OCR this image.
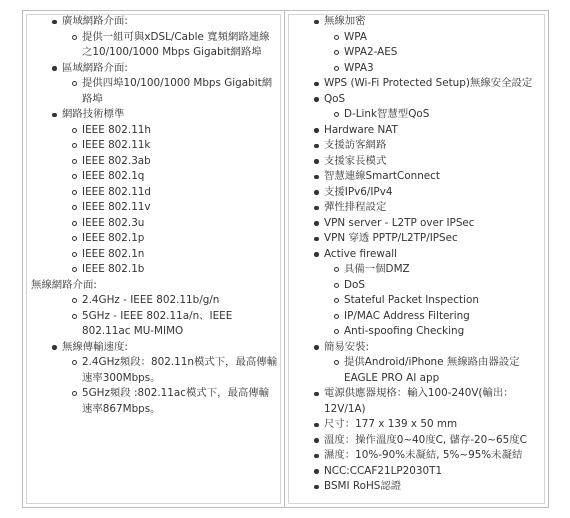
廣域網路介面:
提供一組可與xDSL/Cable 寬頻網路連線
之10/100/1000 Mbps Gigabit網路埠
區域網路介面:
提供四埠10/100/1000 Mbps Gigabit網
路埠
網路技術標準
IEEE 802.11h
IEEE 802.11k
IEEE 802.3ab
IEEE 802.1q
IEEE 802.11d
IEEE 802.11v
IEEE 802.3u
IEEE 802.1p
IEEE 802.1n
IEEE 802.1b
無線網路介面:
2.4GHz - IEEE 802.11b/g/n
5GHz - IEEE 802.11a/n、IEEE
802.11ac MU-MIMO
無線傳輸速度:
2.4GHz頻段：802.11n模式下，最高傳輸
速率300Mbps。
5GHz頻段 :802.11ac模式下，最高傳輸
速率867Mbps。
無線加密
WPA
WPA2-AES
WPA3
WPS (Wi-Fi Protected Setup)無線安全設定
QoS
D-Link智慧型QoS
Hardware NAT
支援訪客網路
支援家長模式
智慧連線SmartConnect
支援IPv6/IPv4
彈性排程設定
VPN server - L2TP over IPSec
VPN 穿透 PPTP/L2TP/IPSec
Active firewall
具備一個DMZ
DoS
Stateful Packet Inspection
IP/MAC Address Filtering
Anti-spoofing Checking
簡易安裝:
提供Android/iPhone 無線路由器設定
EAGLE PRO AI app
電源供應器規格：輸入100-240V(輸出：
12V/1A)
尺寸：177 x 139 x 50 mm
溫度：操作溫度0~40度C, 儲存-20~65度C
濕度：10%-90%未凝結, 5%~95%未凝結
NCC:CCAF21LP2030T1
BSMI RoHS認證
